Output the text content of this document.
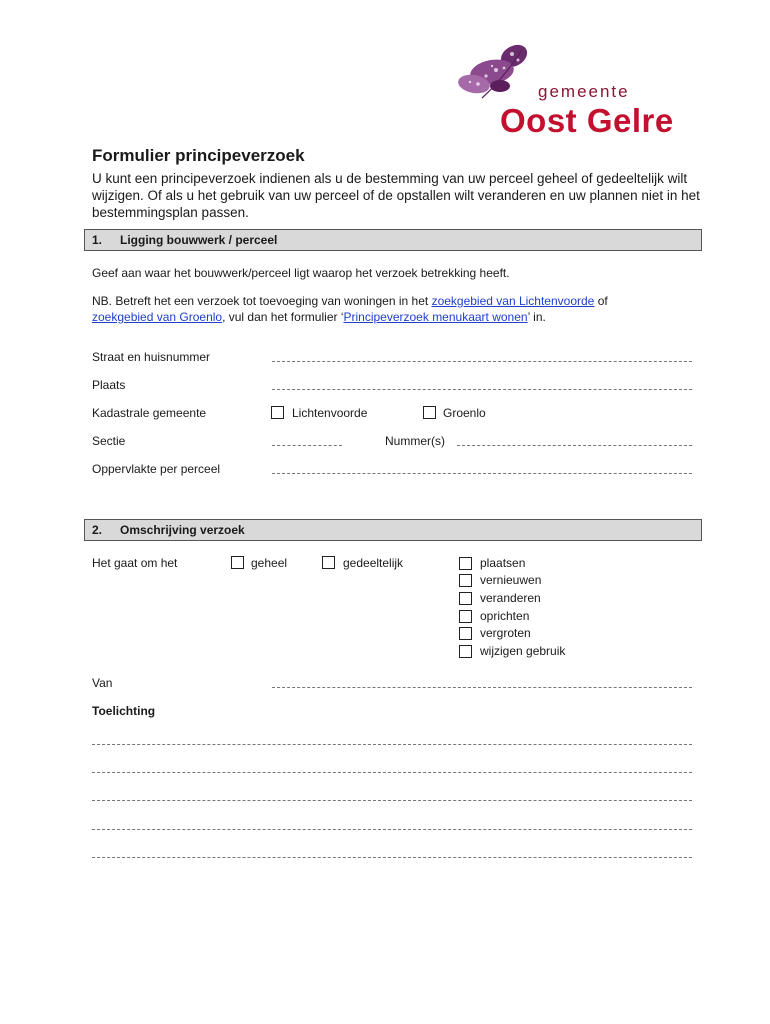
gemeente
Oost Gelre
Formulier principeverzoek
U kunt een principeverzoek indienen als u de bestemming van uw perceel geheel of gedeeltelijk wilt wijzigen. Of als u het gebruik van uw perceel of de opstallen wilt veranderen en uw plannen niet in het bestemmingsplan passen.
1. Ligging bouwwerk / perceel
Geef aan waar het bouwwerk/perceel ligt waarop het verzoek betrekking heeft.
NB. Betreft het een verzoek tot toevoeging van woningen in het zoekgebied van Lichtenvoorde of
zoekgebied van Groenlo, vul dan het formulier ‘Principeverzoek menukaart wonen’ in.
Straat en huisnummer
Plaats
Kadastrale gemeente	Lichtenvoorde	Groenlo
Sectie	Nummer(s)
Oppervlakte per perceel
2. Omschrijving verzoek
Het gaat om het	geheel	gedeeltelijk	plaatsen
vernieuwen
veranderen
oprichten
vergroten
wijzigen gebruik
Van
Toelichting
